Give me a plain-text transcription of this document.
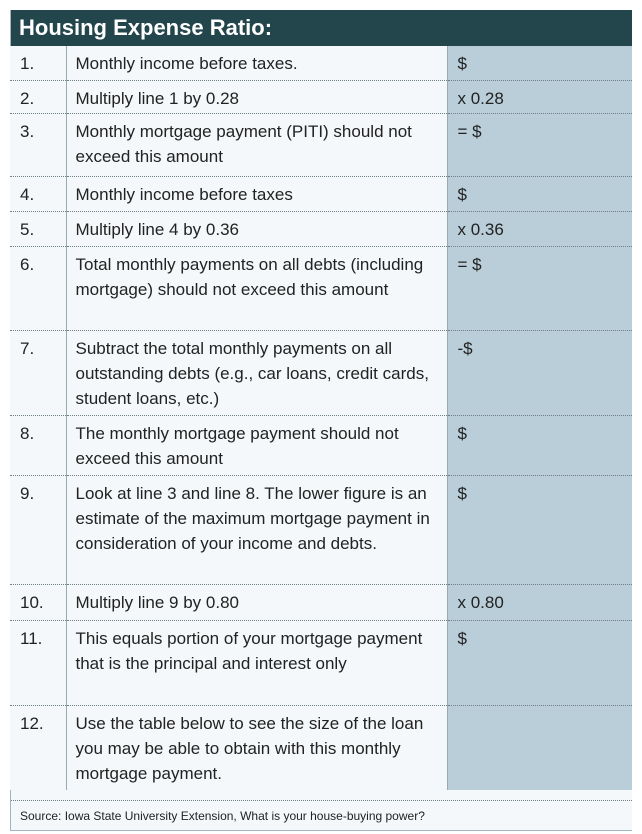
Housing Expense Ratio:
1.	Monthly income before taxes.	$
2.	Multiply line 1 by 0.28	x 0.28
3.	Monthly mortgage payment (PITI) should not exceed this amount	= $
4.	Monthly income before taxes	$
5.	Multiply line 4 by 0.36	x 0.36
6.	Total monthly payments on all debts (including mortgage) should not exceed this amount	= $
7.	Subtract the total monthly payments on all outstanding debts (e.g., car loans, credit cards, student loans, etc.)	-$
8.	The monthly mortgage payment should not exceed this amount	$
9.	Look at line 3 and line 8. The lower figure is an estimate of the maximum mortgage payment in consideration of your income and debts.	$
10.	Multiply line 9 by 0.80	x 0.80
11.	This equals portion of your mortgage payment that is the principal and interest only	$
12.	Use the table below to see the size of the loan you may be able to obtain with this monthly mortgage payment.	
Source: Iowa State University Extension, What is your house-buying power?
